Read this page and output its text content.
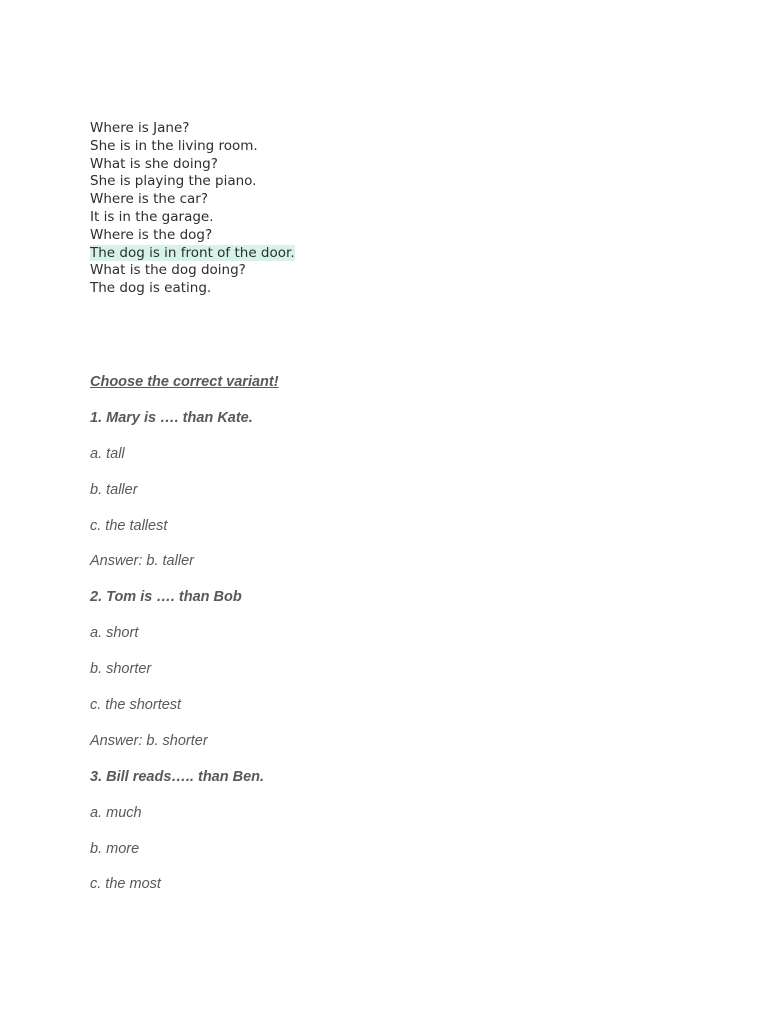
Where is Jane?
She is in the living room.
What is she doing?
She is playing the piano.
Where is the car?
It is in the garage.
Where is the dog?
The dog is in front of the door.
What is the dog doing?
The dog is eating.
Choose the correct variant!
1. Mary is …. than Kate.
a. tall
b. taller
c. the tallest
Answer: b. taller
2. Tom is …. than Bob
a. short
b. shorter
c. the shortest
Answer: b. shorter
3. Bill reads….. than Ben.
a. much
b. more
c. the most
